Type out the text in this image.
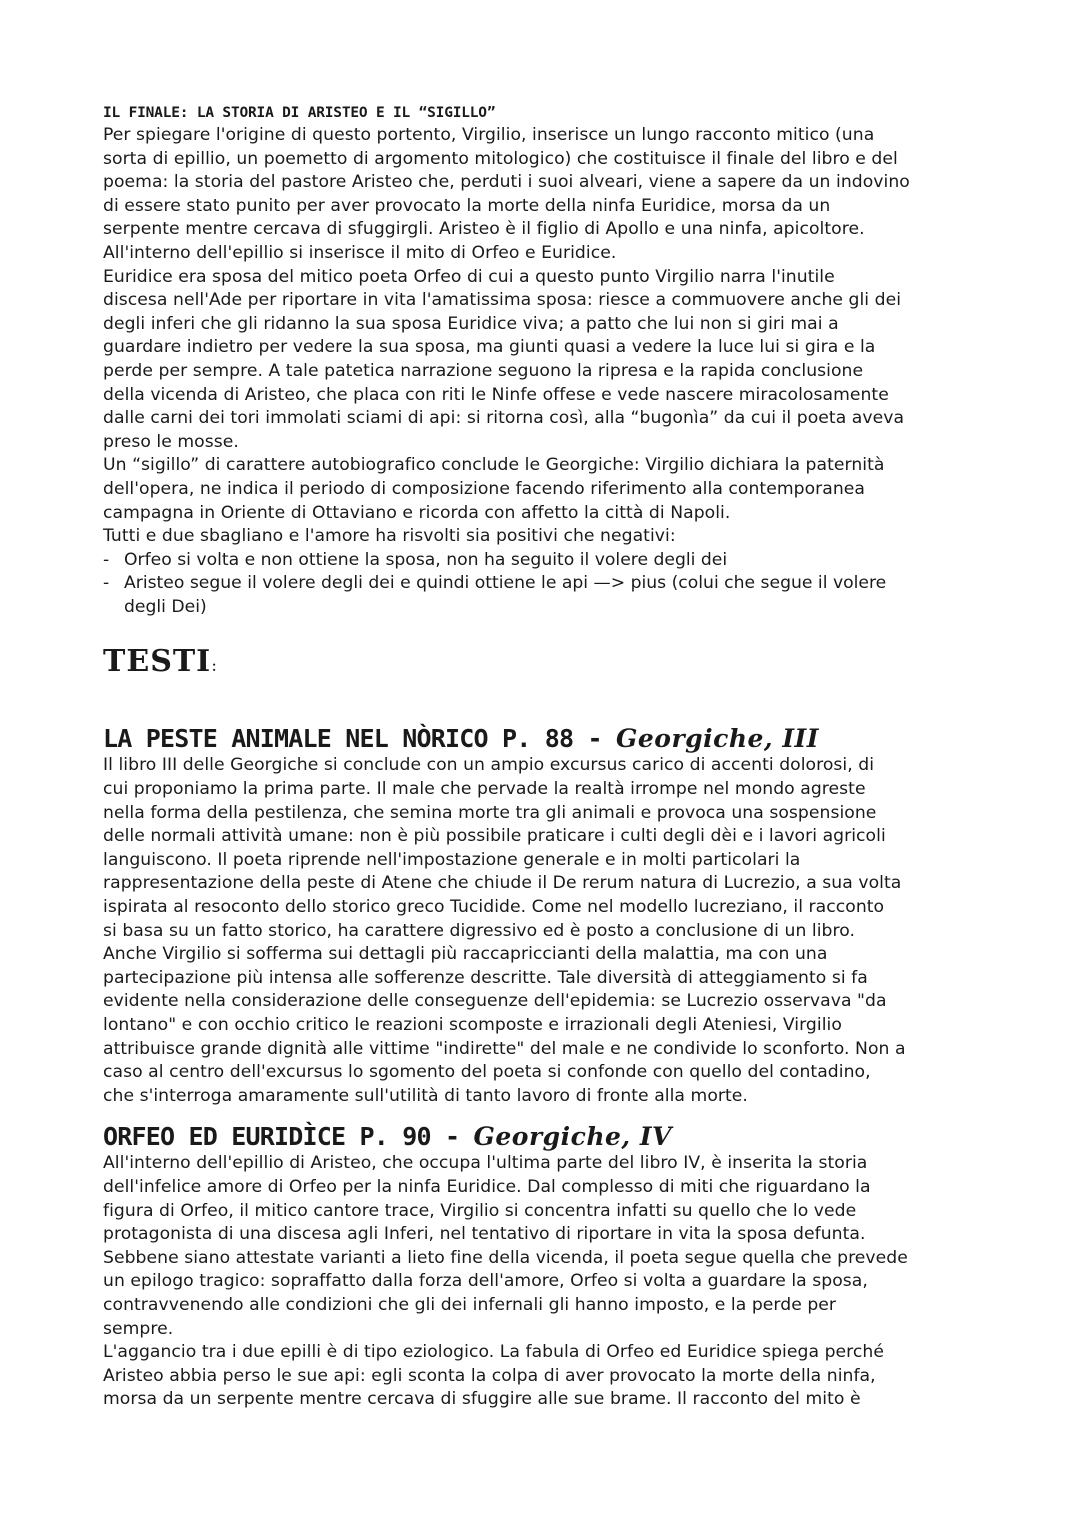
IL FINALE: LA STORIA DI ARISTEO E IL “SIGILLO”

Per spiegare l'origine di questo portento, Virgilio, inserisce un lungo racconto mitico (una
sorta di epillio, un poemetto di argomento mitologico) che costituisce il finale del libro e del
poema: la storia del pastore Aristeo che, perduti i suoi alveari, viene a sapere da un indovino
di essere stato punito per aver provocato la morte della ninfa Euridice, morsa da un
serpente mentre cercava di sfuggirgli. Aristeo è il figlio di Apollo e una ninfa, apicoltore.
All'interno dell'epillio si inserisce il mito di Orfeo e Euridice.

Euridice era sposa del mitico poeta Orfeo di cui a questo punto Virgilio narra l'inutile
discesa nell'Ade per riportare in vita l'amatissima sposa: riesce a commuovere anche gli dei
degli inferi che gli ridanno la sua sposa Euridice viva; a patto che lui non si giri mai a
guardare indietro per vedere la sua sposa, ma giunti quasi a vedere la luce lui si gira e la
perde per sempre. A tale patetica narrazione seguono la ripresa e la rapida conclusione
della vicenda di Aristeo, che placa con riti le Ninfe offese e vede nascere miracolosamente
dalle carni dei tori immolati sciami di api: si ritorna così, alla “bugonìa” da cui il poeta aveva
preso le mosse.

Un “sigillo” di carattere autobiografico conclude le Georgiche: Virgilio dichiara la paternità
dell'opera, ne indica il periodo di composizione facendo riferimento alla contemporanea
campagna in Oriente di Ottaviano e ricorda con affetto la città di Napoli.

Tutti e due sbagliano e l'amore ha risvolti sia positivi che negativi:

- Orfeo si volta e non ottiene la sposa, non ha seguito il volere degli dei
- Aristeo segue il volere degli dei e quindi ottiene le api —> pius (colui che segue il volere
degli Dei)
TESTI:
LA PESTE ANIMALE NEL NÒRICO P. 88 - Georgiche, III

Il libro III delle Georgiche si conclude con un ampio excursus carico di accenti dolorosi, di
cui proponiamo la prima parte. Il male che pervade la realtà irrompe nel mondo agreste
nella forma della pestilenza, che semina morte tra gli animali e provoca una sospensione
delle normali attività umane: non è più possibile praticare i culti degli dèi e i lavori agricoli
languiscono. Il poeta riprende nell'impostazione generale e in molti particolari la
rappresentazione della peste di Atene che chiude il De rerum natura di Lucrezio, a sua volta
ispirata al resoconto dello storico greco Tucidide. Come nel modello lucreziano, il racconto
si basa su un fatto storico, ha carattere digressivo ed è posto a conclusione di un libro.
Anche Virgilio si sofferma sui dettagli più raccapriccianti della malattia, ma con una
partecipazione più intensa alle sofferenze descritte. Tale diversità di atteggiamento si fa
evidente nella considerazione delle conseguenze dell'epidemia: se Lucrezio osservava "da
lontano" e con occhio critico le reazioni scomposte e irrazionali degli Ateniesi, Virgilio
attribuisce grande dignità alle vittime "indirette" del male e ne condivide lo sconforto. Non a
caso al centro dell'excursus lo sgomento del poeta si confonde con quello del contadino,
che s'interroga amaramente sull'utilità di tanto lavoro di fronte alla morte.

ORFEO ED EURIDÌCE P. 90 - Georgiche, IV

All'interno dell'epillio di Aristeo, che occupa l'ultima parte del libro IV, è inserita la storia
dell'infelice amore di Orfeo per la ninfa Euridice. Dal complesso di miti che riguardano la
figura di Orfeo, il mitico cantore trace, Virgilio si concentra infatti su quello che lo vede
protagonista di una discesa agli Inferi, nel tentativo di riportare in vita la sposa defunta.
Sebbene siano attestate varianti a lieto fine della vicenda, il poeta segue quella che prevede
un epilogo tragico: sopraffatto dalla forza dell'amore, Orfeo si volta a guardare la sposa,
contravvenendo alle condizioni che gli dei infernali gli hanno imposto, e la perde per
sempre.

L'aggancio tra i due epilli è di tipo eziologico. La fabula di Orfeo ed Euridice spiega perché
Aristeo abbia perso le sue api: egli sconta la colpa di aver provocato la morte della ninfa,
morsa da un serpente mentre cercava di sfuggire alle sue brame. Il racconto del mito è
